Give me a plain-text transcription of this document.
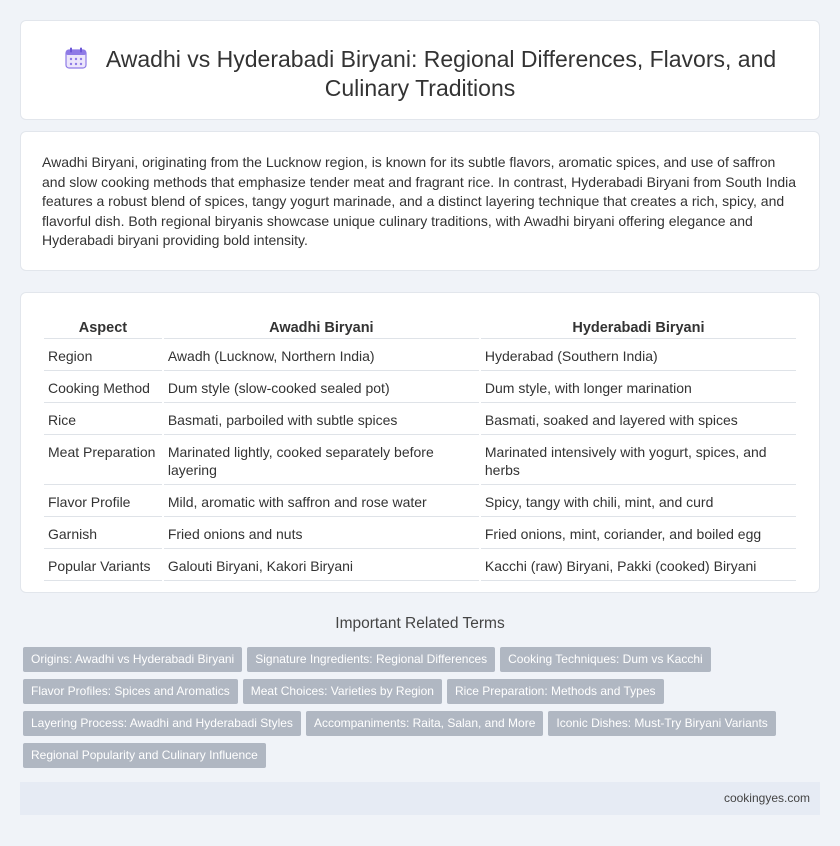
Awadhi vs Hyderabadi Biryani: Regional Differences, Flavors, and Culinary Traditions

Awadhi Biryani, originating from the Lucknow region, is known for its subtle flavors, aromatic spices, and use of saffron and slow cooking methods that emphasize tender meat and fragrant rice. In contrast, Hyderabadi Biryani from South India features a robust blend of spices, tangy yogurt marinade, and a distinct layering technique that creates a rich, spicy, and flavorful dish. Both regional biryanis showcase unique culinary traditions, with Awadhi biryani offering elegance and Hyderabadi biryani providing bold intensity.

Aspect	Awadhi Biryani	Hyderabadi Biryani
Region	Awadh (Lucknow, Northern India)	Hyderabad (Southern India)
Cooking Method	Dum style (slow-cooked sealed pot)	Dum style, with longer marination
Rice	Basmati, parboiled with subtle spices	Basmati, soaked and layered with spices
Meat Preparation	Marinated lightly, cooked separately before layering	Marinated intensively with yogurt, spices, and herbs
Flavor Profile	Mild, aromatic with saffron and rose water	Spicy, tangy with chili, mint, and curd
Garnish	Fried onions and nuts	Fried onions, mint, coriander, and boiled egg
Popular Variants	Galouti Biryani, Kakori Biryani	Kacchi (raw) Biryani, Pakki (cooked) Biryani
Important Related Terms
Origins: Awadhi vs Hyderabadi Biryani Signature Ingredients: Regional Differences Cooking Techniques: Dum vs Kacchi
Flavor Profiles: Spices and Aromatics Meat Choices: Varieties by Region Rice Preparation: Methods and Types
Layering Process: Awadhi and Hyderabadi Styles Accompaniments: Raita, Salan, and More Iconic Dishes: Must-Try Biryani Variants
Regional Popularity and Culinary Influence
cookingyes.com
